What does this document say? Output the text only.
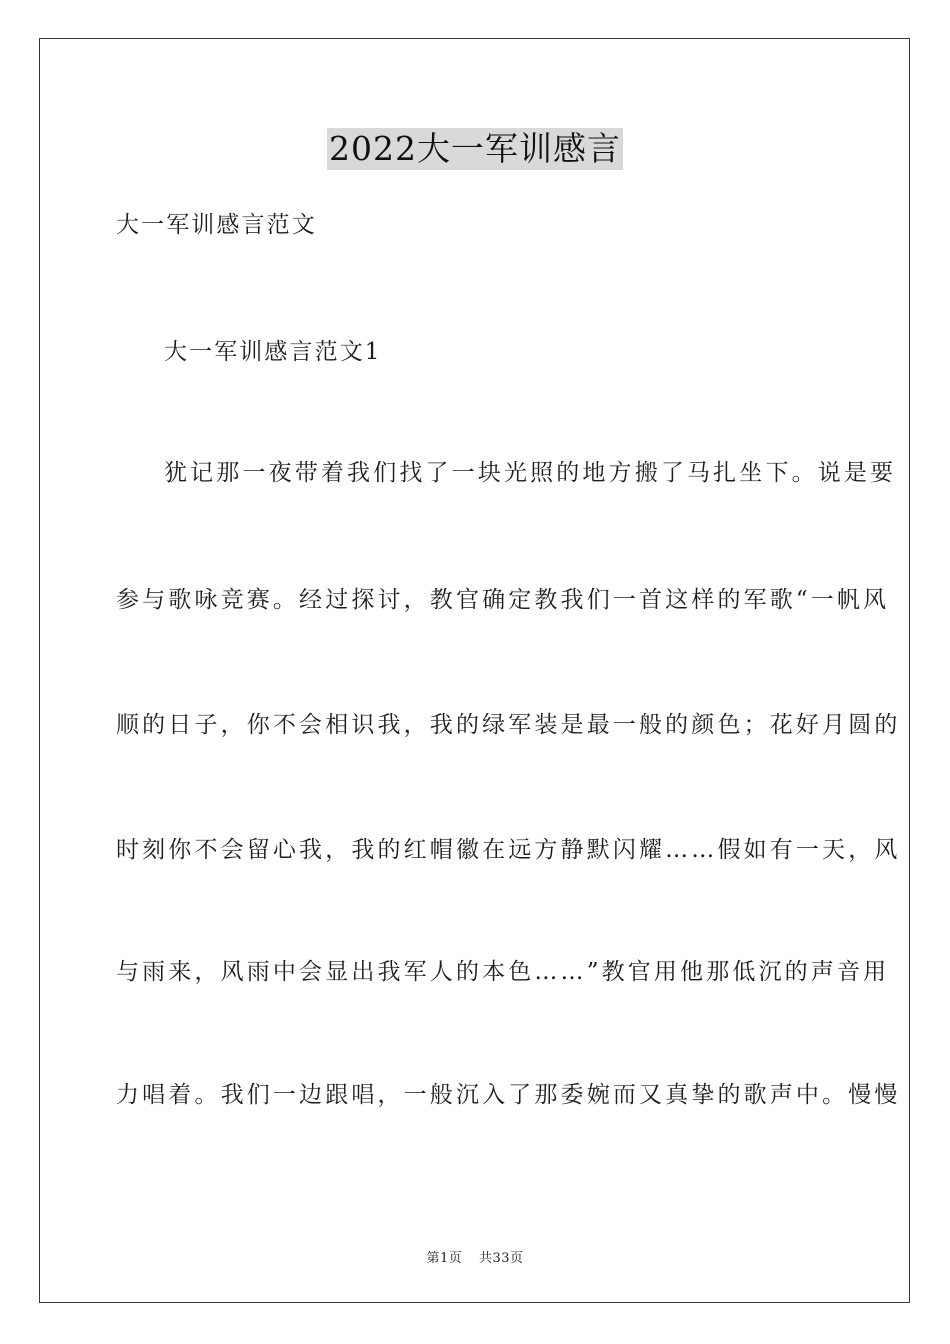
2022大一军训感言
大一军训感言范文
大一军训感言范文1
犹记那一夜带着我们找了一块光照的地方搬了马扎坐下。说是要
参与歌咏竞赛。经过探讨，教官确定教我们一首这样的军歌“一帆风
顺的日子，你不会相识我，我的绿军装是最一般的颜色；花好月圆的
时刻你不会留心我，我的红帽徽在远方静默闪耀……假如有一天，风
与雨来，风雨中会显出我军人的本色……”教官用他那低沉的声音用
力唱着。我们一边跟唱，一般沉入了那委婉而又真挚的歌声中。慢慢
第1页 共33页
